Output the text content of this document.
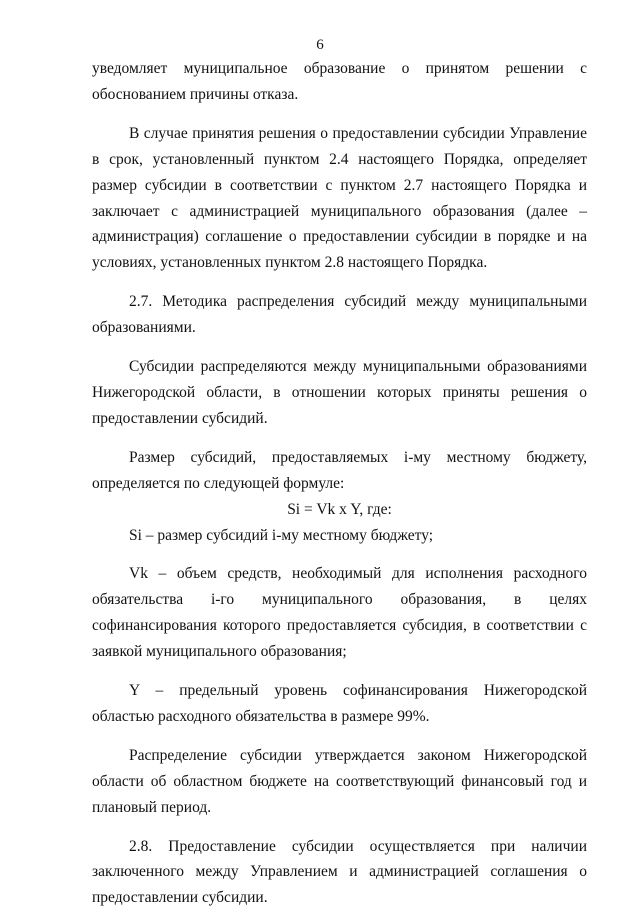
6

уведомляет муниципальное образование о принятом решении с обоснованием причины отказа.

В случае принятия решения о предоставлении субсидии Управление в срок, установленный пунктом 2.4 настоящего Порядка, определяет размер субсидии в соответствии с пунктом 2.7 настоящего Порядка и заключает с администрацией муниципального образования (далее – администрация) соглашение о предоставлении субсидии в порядке и на условиях, установленных пунктом 2.8 настоящего Порядка.

2.7. Методика распределения субсидий между муниципальными образованиями.

Субсидии распределяются между муниципальными образованиями Нижегородской области, в отношении которых приняты решения о предоставлении субсидий.

Размер субсидий, предоставляемых i-му местному бюджету, определяется по следующей формуле:

Si = Vk x Y, где:

Si – размер субсидий i-му местному бюджету;

Vk – объем средств, необходимый для исполнения расходного обязательства i-го муниципального образования, в целях софинансирования которого предоставляется субсидия, в соответствии с заявкой муниципального образования;

Y – предельный уровень софинансирования Нижегородской областью расходного обязательства в размере 99%.

Распределение субсидии утверждается законом Нижегородской области об областном бюджете на соответствующий финансовый год и плановый период.

2.8. Предоставление субсидии осуществляется при наличии заключенного между Управлением и администрацией соглашения о предоставлении субсидии.
